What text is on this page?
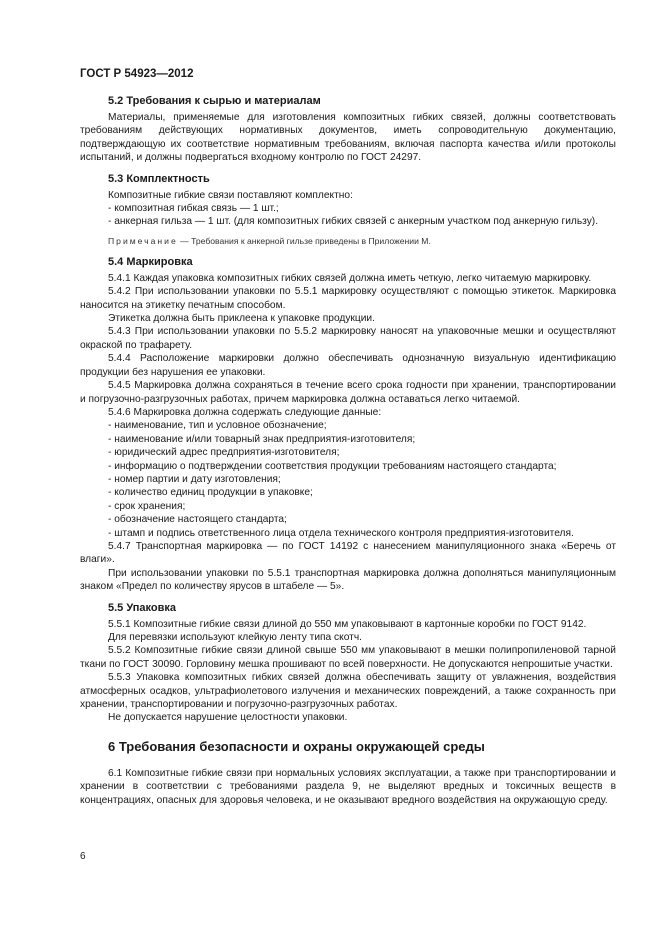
ГОСТ Р 54923—2012
5.2 Требования к сырью и материалам

Материалы, применяемые для изготовления композитных гибких связей, должны соответствовать требованиям действующих нормативных документов, иметь сопроводительную документацию, подтверждающую их соответствие нормативным требованиям, включая паспорта качества и/или протоколы испытаний, и должны подвергаться входному контролю по ГОСТ 24297.

5.3 Комплектность

Композитные гибкие связи поставляют комплектно:

- композитная гибкая связь — 1 шт.;

- анкерная гильза — 1 шт. (для композитных гибких связей с анкерным участком под анкерную гильзу).

Примечание — Требования к анкерной гильзе приведены в Приложении М.
5.4 Маркировка

5.4.1 Каждая упаковка композитных гибких связей должна иметь четкую, легко читаемую маркировку.

5.4.2 При использовании упаковки по 5.5.1 маркировку осуществляют с помощью этикеток. Маркировка наносится на этикетку печатным способом.

Этикетка должна быть приклеена к упаковке продукции.

5.4.3 При использовании упаковки по 5.5.2 маркировку наносят на упаковочные мешки и осуществляют окраской по трафарету.

5.4.4 Расположение маркировки должно обеспечивать однозначную визуальную идентификацию продукции без нарушения ее упаковки.

5.4.5 Маркировка должна сохраняться в течение всего срока годности при хранении, транспортировании и погрузочно-разгрузочных работах, причем маркировка должна оставаться легко читаемой.

5.4.6 Маркировка должна содержать следующие данные:

- наименование, тип и условное обозначение;

- наименование и/или товарный знак предприятия-изготовителя;

- юридический адрес предприятия-изготовителя;

- информацию о подтверждении соответствия продукции требованиям настоящего стандарта;

- номер партии и дату изготовления;

- количество единиц продукции в упаковке;

- срок хранения;

- обозначение настоящего стандарта;

- штамп и подпись ответственного лица отдела технического контроля предприятия-изготовителя.

5.4.7 Транспортная маркировка — по ГОСТ 14192 с нанесением манипуляционного знака «Беречь от влаги».

При использовании упаковки по 5.5.1 транспортная маркировка должна дополняться манипуляционным знаком «Предел по количеству ярусов в штабеле — 5».

5.5 Упаковка

5.5.1 Композитные гибкие связи длиной до 550 мм упаковывают в картонные коробки по ГОСТ 9142.

Для перевязки используют клейкую ленту типа скотч.

5.5.2 Композитные гибкие связи длиной свыше 550 мм упаковывают в мешки полипропиленовой тарной ткани по ГОСТ 30090. Горловину мешка прошивают по всей поверхности. Не допускаются непрошитые участки.

5.5.3 Упаковка композитных гибких связей должна обеспечивать защиту от увлажнения, воздействия атмосферных осадков, ультрафиолетового излучения и механических повреждений, а также сохранность при хранении, транспортировании и погрузочно-разгрузочных работах.

Не допускается нарушение целостности упаковки.

6 Требования безопасности и охраны окружающей среды

6.1 Композитные гибкие связи при нормальных условиях эксплуатации, а также при транспортировании и хранении в соответствии с требованиями раздела 9, не выделяют вредных и токсичных веществ в концентрациях, опасных для здоровья человека, и не оказывают вредного воздействия на окружающую среду.

6
